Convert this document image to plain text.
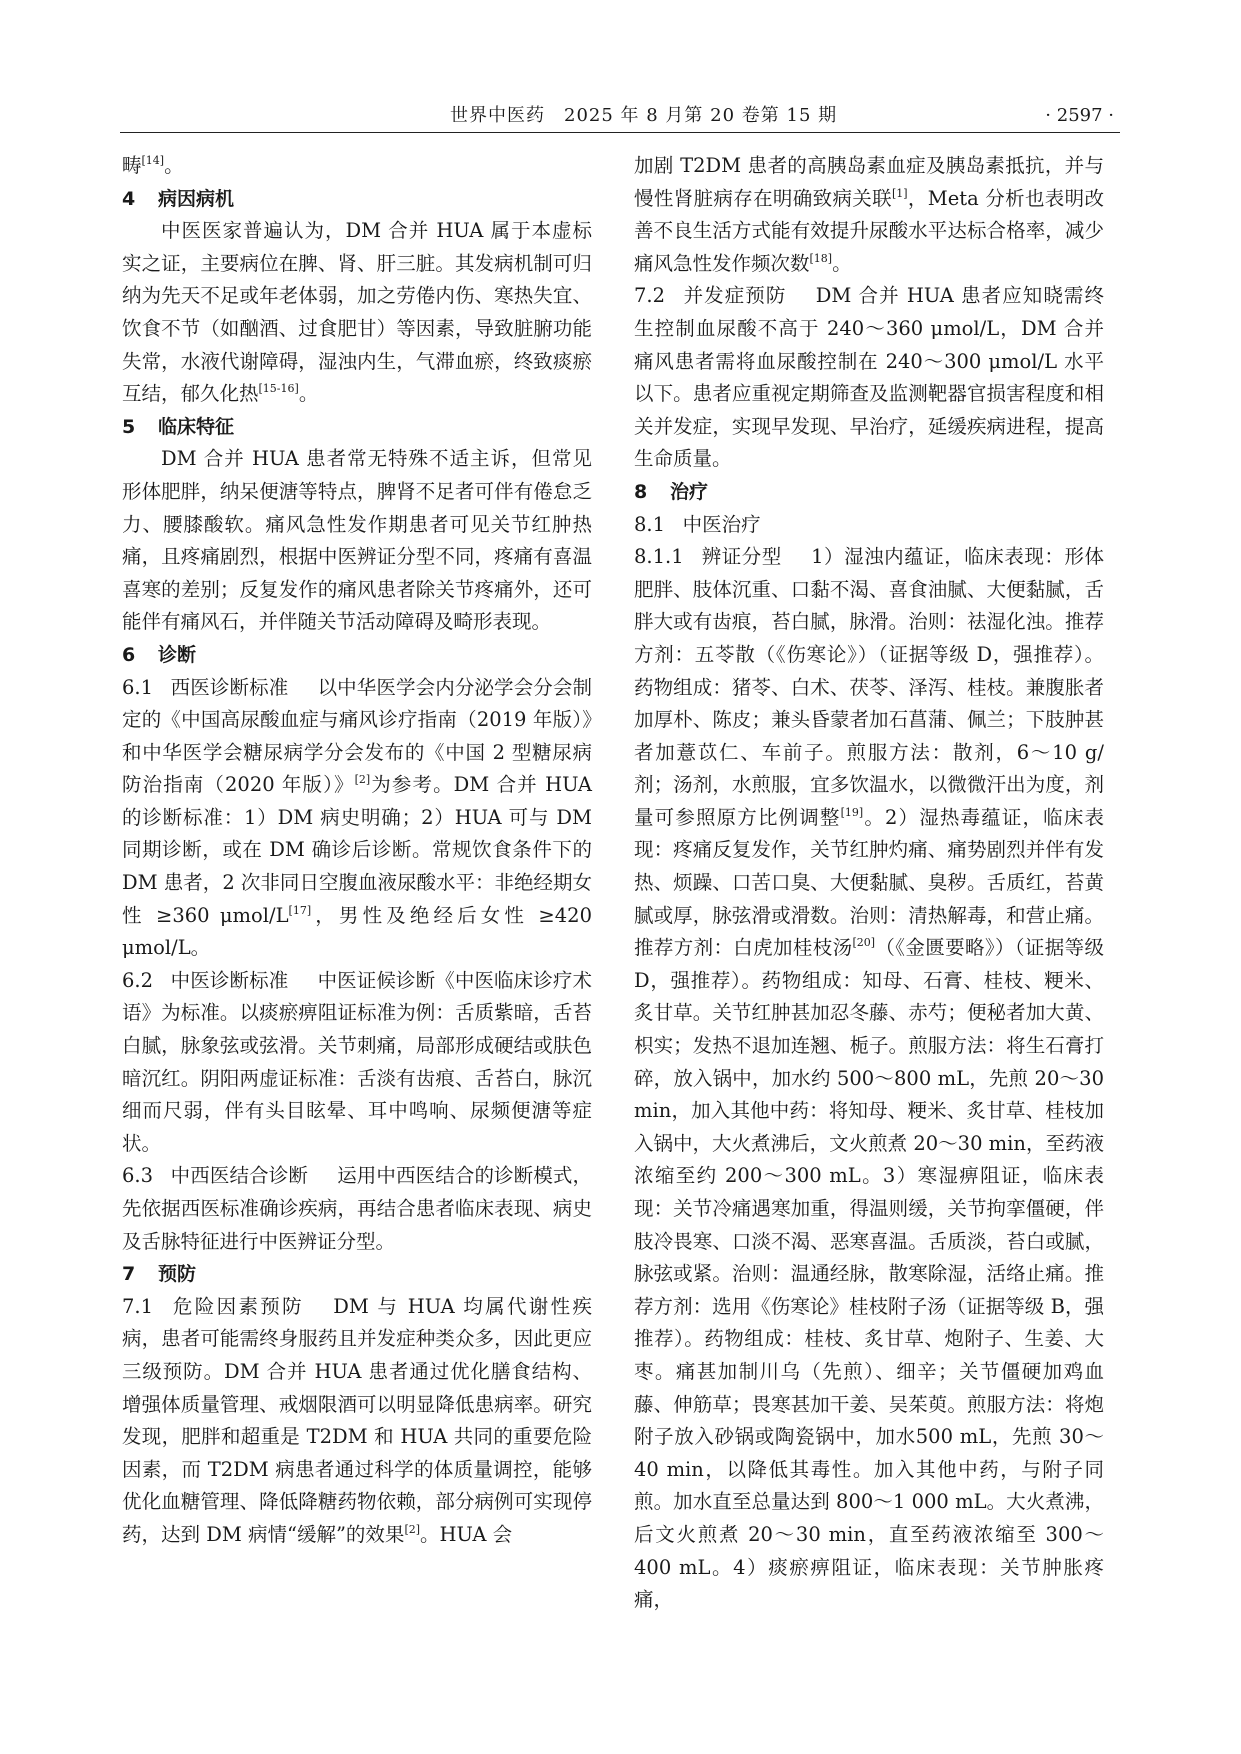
世界中医药　2025 年 8 月第 20 卷第 15 期	· 2597 ·

畴[14]。

4 病因病机

中医医家普遍认为，DM 合并 HUA 属于本虚标实之证，主要病位在脾、肾、肝三脏。其发病机制可归纳为先天不足或年老体弱，加之劳倦内伤、寒热失宜、饮食不节（如酗酒、过食肥甘）等因素，导致脏腑功能失常，水液代谢障碍，湿浊内生，气滞血瘀，终致痰瘀互结，郁久化热[15-16]。

5 临床特征

DM 合并 HUA 患者常无特殊不适主诉，但常见形体肥胖，纳呆便溏等特点，脾肾不足者可伴有倦怠乏力、腰膝酸软。痛风急性发作期患者可见关节红肿热痛，且疼痛剧烈，根据中医辨证分型不同，疼痛有喜温喜寒的差别；反复发作的痛风患者除关节疼痛外，还可能伴有痛风石，并伴随关节活动障碍及畸形表现。

6 诊断

6.1 西医诊断标准 以中华医学会内分泌学会分会制定的《中国高尿酸血症与痛风诊疗指南（2019 年版）》和中华医学会糖尿病学分会发布的《中国 2 型糖尿病防治指南（2020 年版）》[2]为参考。DM 合并 HUA 的诊断标准：1）DM 病史明确；2）HUA 可与 DM 同期诊断，或在 DM 确诊后诊断。常规饮食条件下的 DM 患者，2 次非同日空腹血液尿酸水平：非绝经期女性 ≥360 μmol/L[17]，男性及绝经后女性 ≥420 μmol/L。

6.2 中医诊断标准 中医证候诊断《中医临床诊疗术语》为标准。以痰瘀痹阻证标准为例：舌质紫暗，舌苔白腻，脉象弦或弦滑。关节刺痛，局部形成硬结或肤色暗沉红。阴阳两虚证标准：舌淡有齿痕、舌苔白，脉沉细而尺弱，伴有头目眩晕、耳中鸣响、尿频便溏等症状。

6.3 中西医结合诊断 运用中西医结合的诊断模式，先依据西医标准确诊疾病，再结合患者临床表现、病史及舌脉特征进行中医辨证分型。

7 预防

7.1 危险因素预防 DM 与 HUA 均属代谢性疾病，患者可能需终身服药且并发症种类众多，因此更应三级预防。DM 合并 HUA 患者通过优化膳食结构、增强体质量管理、戒烟限酒可以明显降低患病率。研究发现，肥胖和超重是 T2DM 和 HUA 共同的重要危险因素，而 T2DM 病患者通过科学的体质量调控，能够优化血糖管理、降低降糖药物依赖，部分病例可实现停药，达到 DM 病情“缓解”的效果[2]。HUA 会

加剧 T2DM 患者的高胰岛素血症及胰岛素抵抗，并与慢性肾脏病存在明确致病关联[1]，Meta 分析也表明改善不良生活方式能有效提升尿酸水平达标合格率，减少痛风急性发作频次数[18]。

7.2 并发症预防 DM 合并 HUA 患者应知晓需终生控制血尿酸不高于 240～360 μmol/L，DM 合并痛风患者需将血尿酸控制在 240～300 μmol/L 水平以下。患者应重视定期筛查及监测靶器官损害程度和相关并发症，实现早发现、早治疗，延缓疾病进程，提高生命质量。

8 治疗

8.1 中医治疗

8.1.1 辨证分型 1）湿浊内蕴证，临床表现：形体肥胖、肢体沉重、口黏不渴、喜食油腻、大便黏腻，舌胖大或有齿痕，苔白腻，脉滑。治则：祛湿化浊。推荐方剂：五苓散（《伤寒论》）（证据等级 D，强推荐）。药物组成：猪苓、白术、茯苓、泽泻、桂枝。兼腹胀者加厚朴、陈皮；兼头昏蒙者加石菖蒲、佩兰；下肢肿甚者加薏苡仁、车前子。煎服方法：散剂，6～10 g/剂；汤剂，水煎服，宜多饮温水，以微微汗出为度，剂量可参照原方比例调整[19]。2）湿热毒蕴证，临床表现：疼痛反复发作，关节红肿灼痛、痛势剧烈并伴有发热、烦躁、口苦口臭、大便黏腻、臭秽。舌质红，苔黄腻或厚，脉弦滑或滑数。治则：清热解毒，和营止痛。推荐方剂：白虎加桂枝汤[20]（《金匮要略》）（证据等级 D，强推荐）。药物组成：知母、石膏、桂枝、粳米、炙甘草。关节红肿甚加忍冬藤、赤芍；便秘者加大黄、枳实；发热不退加连翘、栀子。煎服方法：将生石膏打碎，放入锅中，加水约 500～800 mL，先煎 20～30 min，加入其他中药：将知母、粳米、炙甘草、桂枝加入锅中，大火煮沸后，文火煎煮 20～30 min，至药液浓缩至约 200～300 mL。3）寒湿痹阻证，临床表现：关节冷痛遇寒加重，得温则缓，关节拘挛僵硬，伴肢冷畏寒、口淡不渴、恶寒喜温。舌质淡，苔白或腻，脉弦或紧。治则：温通经脉，散寒除湿，活络止痛。推荐方剂：选用《伤寒论》桂枝附子汤（证据等级 B，强推荐）。药物组成：桂枝、炙甘草、炮附子、生姜、大枣。痛甚加制川乌（先煎）、细辛；关节僵硬加鸡血藤、伸筋草；畏寒甚加干姜、吴茱萸。煎服方法：将炮附子放入砂锅或陶瓷锅中，加水500 mL，先煎 30～40 min，以降低其毒性。加入其他中药，与附子同煎。加水直至总量达到 800～1 000 mL。大火煮沸，后文火煎煮 20～30 min，直至药液浓缩至 300～400 mL。4）痰瘀痹阻证，临床表现：关节肿胀疼痛，
